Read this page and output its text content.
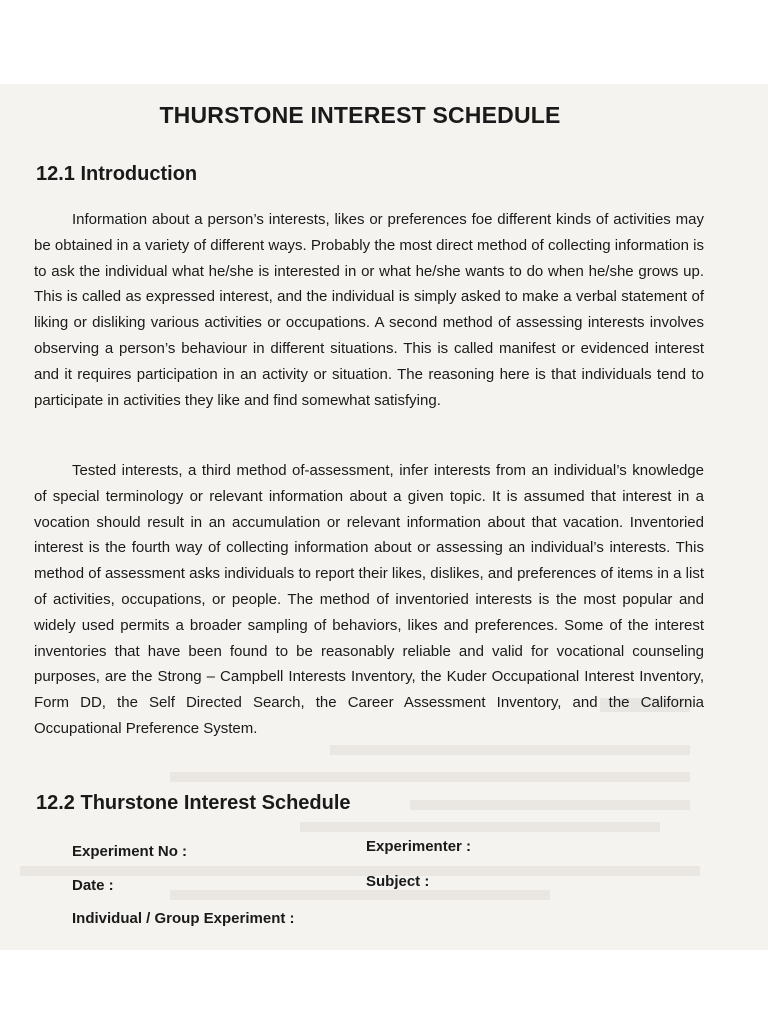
THURSTONE INTEREST SCHEDULE
12.1 Introduction

Information about a person’s interests, likes or preferences foe different kinds of activities may be obtained in a variety of different ways. Probably the most direct method of collecting information is to ask the individual what he/she is interested in or what he/she wants to do when he/she grows up. This is called as expressed interest, and the individual is simply asked to make a verbal statement of liking or disliking various activities or occupations. A second method of assessing interests involves observing a person’s behaviour in different situations. This is called manifest or evidenced interest and it requires participation in an activity or situation. The reasoning here is that individuals tend to participate in activities they like and find somewhat satisfying.

Tested interests, a third method of-assessment, infer interests from an individual’s knowledge of special terminology or relevant information about a given topic. It is assumed that interest in a vocation should result in an accumulation or relevant information about that vacation. Inventoried interest is the fourth way of collecting information about or assessing an individual’s interests. This method of assessment asks individuals to report their likes, dislikes, and preferences of items in a list of activities, occupations, or people. The method of inventoried interests is the most popular and widely used permits a broader sampling of behaviors, likes and preferences. Some of the interest inventories that have been found to be reasonably reliable and valid for vocational counseling purposes, are the Strong – Campbell Interests Inventory, the Kuder Occupational Interest Inventory, Form DD, the Self Directed Search, the Career Assessment Inventory, and the California Occupational Preference System.

12.2 Thurstone Interest Schedule
Experiment No :	Experimenter :
Date :	Subject :
Individual / Group Experiment :
